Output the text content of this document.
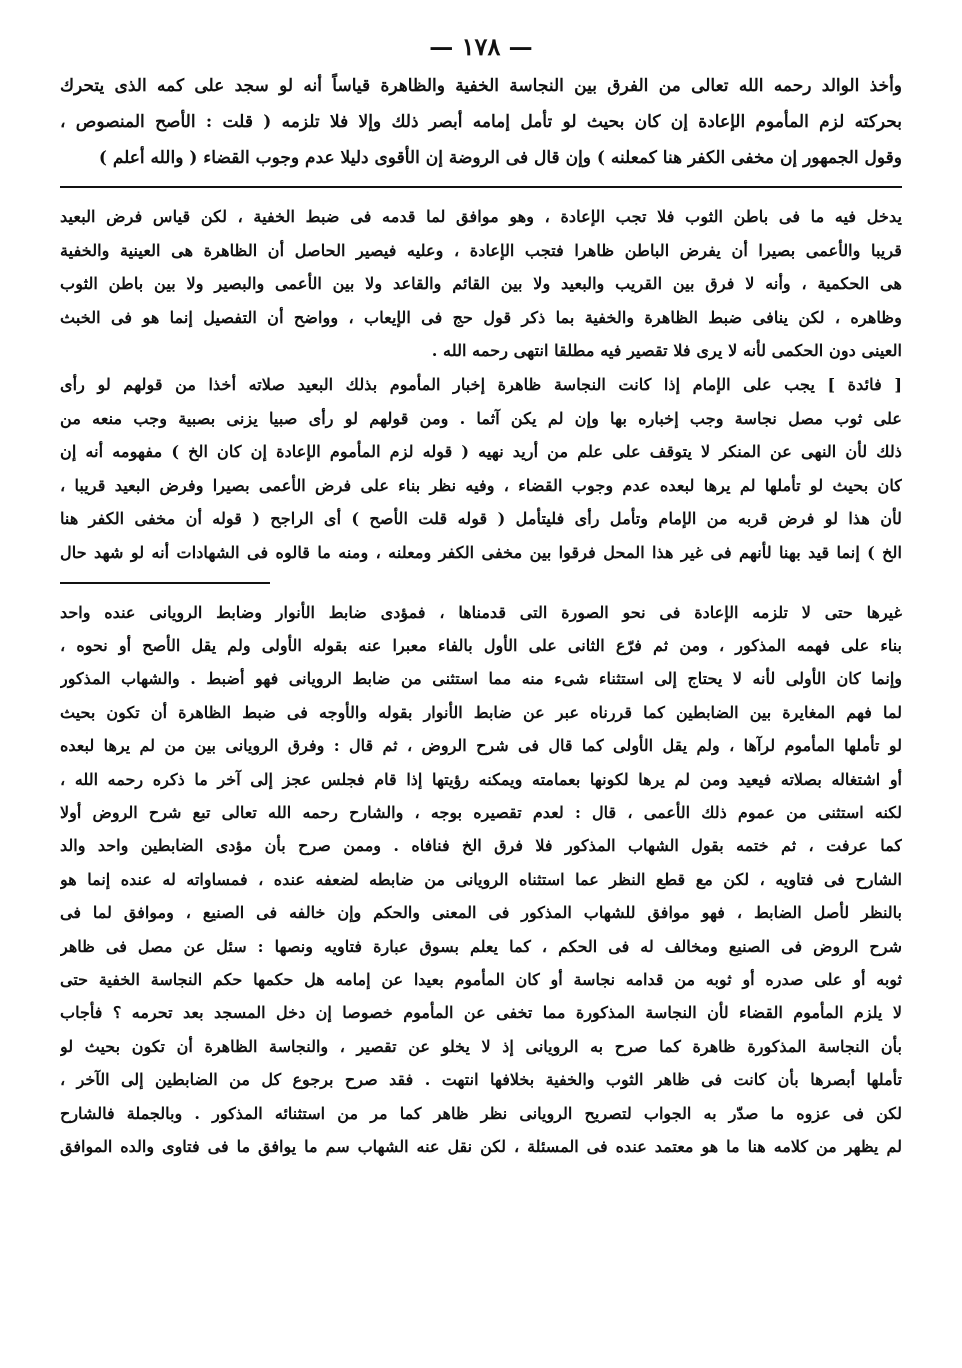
— ١٧٨ —

وأخذ الوالد رحمه الله تعالى من الفرق بين النجاسة الخفية والظاهرة قياساً أنه لو سجد على كمه الذى يتحرك

بحركته لزم المأموم الإعادة إن كان بحيث لو تأمل إمامه أبصر ذلك وإلا فلا تلزمه ( قلت : الأصح المنصوص ،

وقول الجمهور إن مخفى الكفر هنا كمعلنه ) وإن قال فى الروضة إن الأقوى دليلا عدم وجوب القضاء ( والله أعلم )

يدخل فيه ما فى باطن الثوب فلا تجب الإعادة ، وهو موافق لما قدمه فى ضبط الخفية ، لكن قياس فرض البعيد

قريبا والأعمى بصيرا أن يفرض الباطن ظاهرا فتجب الإعادة ، وعليه فيصير الحاصل أن الظاهرة هى العينية والخفية

هى الحكمية ، وأنه لا فرق بين القريب والبعيد ولا بين القائم والقاعد ولا بين الأعمى والبصير ولا بين باطن الثوب

وظاهره ، لكن ينافى ضبط الظاهرة والخفية بما ذكر قول حج فى الإيعاب ، وواضح أن التفصيل إنما هو فى الخبث

العينى دون الحكمى لأنه لا يرى فلا تقصير فيه مطلقا انتهى رحمه الله .

[ فائدة ] يجب على الإمام إذا كانت النجاسة ظاهرة إخبار المأموم بذلك البعيد صلاته أخذا من قولهم لو رأى

على ثوب مصل نجاسة وجب إخباره بها وإن لم يكن آثما . ومن قولهم لو رأى صبيا يزنى بصبية وجب منعه من

ذلك لأن النهى عن المنكر لا يتوقف على علم من أريد نهيه ( قوله لزم المأموم الإعادة إن كان الخ ) مفهومه أنه إن

كان بحيث لو تأملها لم يرها لبعده عدم وجوب القضاء ، وفيه نظر بناء على فرض الأعمى بصيرا وفرض البعيد قريبا ،

لأن هذا لو فرض قربه من الإمام وتأمل رأى فليتأمل ( قوله قلت الأصح ) أى الراجح ( قوله أن مخفى الكفر هنا

الخ ) إنما قيد بهنا لأنهم فى غير هذا المحل فرقوا بين مخفى الكفر ومعلنه ، ومنه ما قالوه فى الشهادات أنه لو شهد حال

غيرها حتى لا تلزمه الإعادة فى نحو الصورة التى قدمناها ، فمؤدى ضابط الأنوار وضابط الرويانى عنده واحد

بناء على فهمه المذكور ، ومن ثم فرّع الثانى على الأول بالفاء معبرا عنه بقوله الأولى ولم يقل الأصح أو نحوه ،

وإنما كان الأولى لأنه لا يحتاج إلى استثناء شىء منه مما استثنى من ضابط الرويانى فهو أضبط . والشهاب المذكور

لما فهم المغايرة بين الضابطين كما قررناه عبر عن ضابط الأنوار بقوله والأوجه فى ضبط الظاهرة أن تكون بحيث

لو تأملها المأموم لرآها ، ولم يقل الأولى كما قال فى شرح الروض ، ثم قال : وفرق الرويانى بين من لم يرها لبعده

أو اشتغاله بصلاته فيعيد ومن لم يرها لكونها بعمامته ويمكنه رؤيتها إذا قام فجلس عجز إلى آخر ما ذكره رحمه الله ،

لكنه استثنى من عموم ذلك الأعمى ، قال : لعدم تقصيره بوجه ، والشارح رحمه الله تعالى تبع شرح الروض أولا

كما عرفت ، ثم ختمه بقول الشهاب المذكور فلا فرق الخ فنافاه . وممن صرح بأن مؤدى الضابطين واحد والد

الشارح فى فتاويه ، لكن مع قطع النظر عما استثناه الرويانى من ضابطه لضعفه عنده ، فمساواته له عنده إنما هو

بالنظر لأصل الضابط ، فهو موافق للشهاب المذكور فى المعنى والحكم وإن خالفه فى الصنيع ، وموافق لما فى

شرح الروض فى الصنيع ومخالف له فى الحكم ، كما يعلم بسوق عبارة فتاويه ونصها : سئل عن مصل فى ظاهر

ثوبه أو على صدره أو ثوبه من قدامه نجاسة أو كان المأموم بعيدا عن إمامه هل حكمها حكم النجاسة الخفية حتى

لا يلزم المأموم القضاء لأن النجاسة المذكورة مما تخفى عن المأموم خصوصا إن دخل المسجد بعد تحرمه ؟ فأجاب

بأن النجاسة المذكورة ظاهرة كما صرح به الرويانى إذ لا يخلو عن تقصير ، والنجاسة الظاهرة أن تكون بحيث لو

تأملها أبصرها بأن كانت فى ظاهر الثوب والخفية بخلافها انتهت . فقد صرح برجوع كل من الضابطين إلى الآخر ،

لكن فى عزوه ما صدّر به الجواب لتصريح الرويانى نظر ظاهر كما مر من استثنائه المذكور . وبالجملة فالشارح

لم يظهر من كلامه هنا ما هو معتمد عنده فى المسئلة ، لكن نقل عنه الشهاب سم ما يوافق ما فى فتاوى والده الموافق
